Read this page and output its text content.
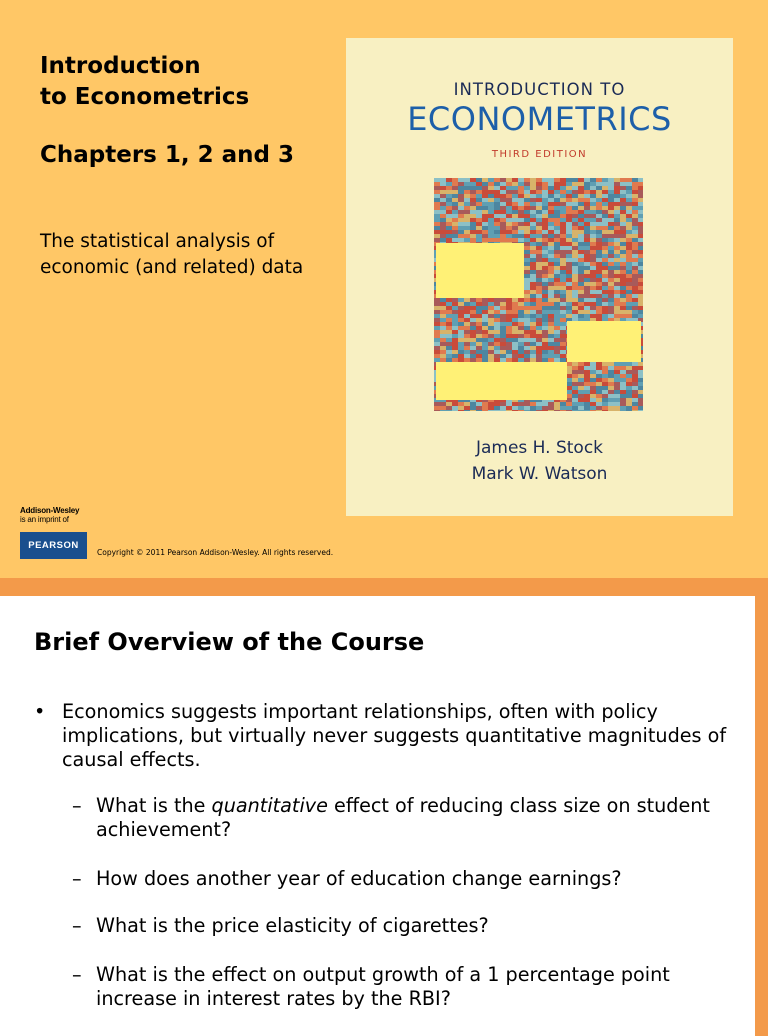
Introduction
to Econometrics
Chapters 1, 2 and 3
The statistical analysis of economic (and related) data
INTRODUCTION TO
ECONOMETRICS
THIRD EDITION
James H. Stock
Mark W. Watson
Addison-Wesley
is an imprint of
PEARSON
Copyright © 2011 Pearson Addison-Wesley. All rights reserved.
Brief Overview of the Course
• Economics suggests important relationships, often with policy implications, but virtually never suggests quantitative magnitudes of causal effects.
– What is the quantitative effect of reducing class size on student achievement?
– How does another year of education change earnings?
– What is the price elasticity of cigarettes?
– What is the effect on output growth of a 1 percentage point increase in interest rates by the RBI?
